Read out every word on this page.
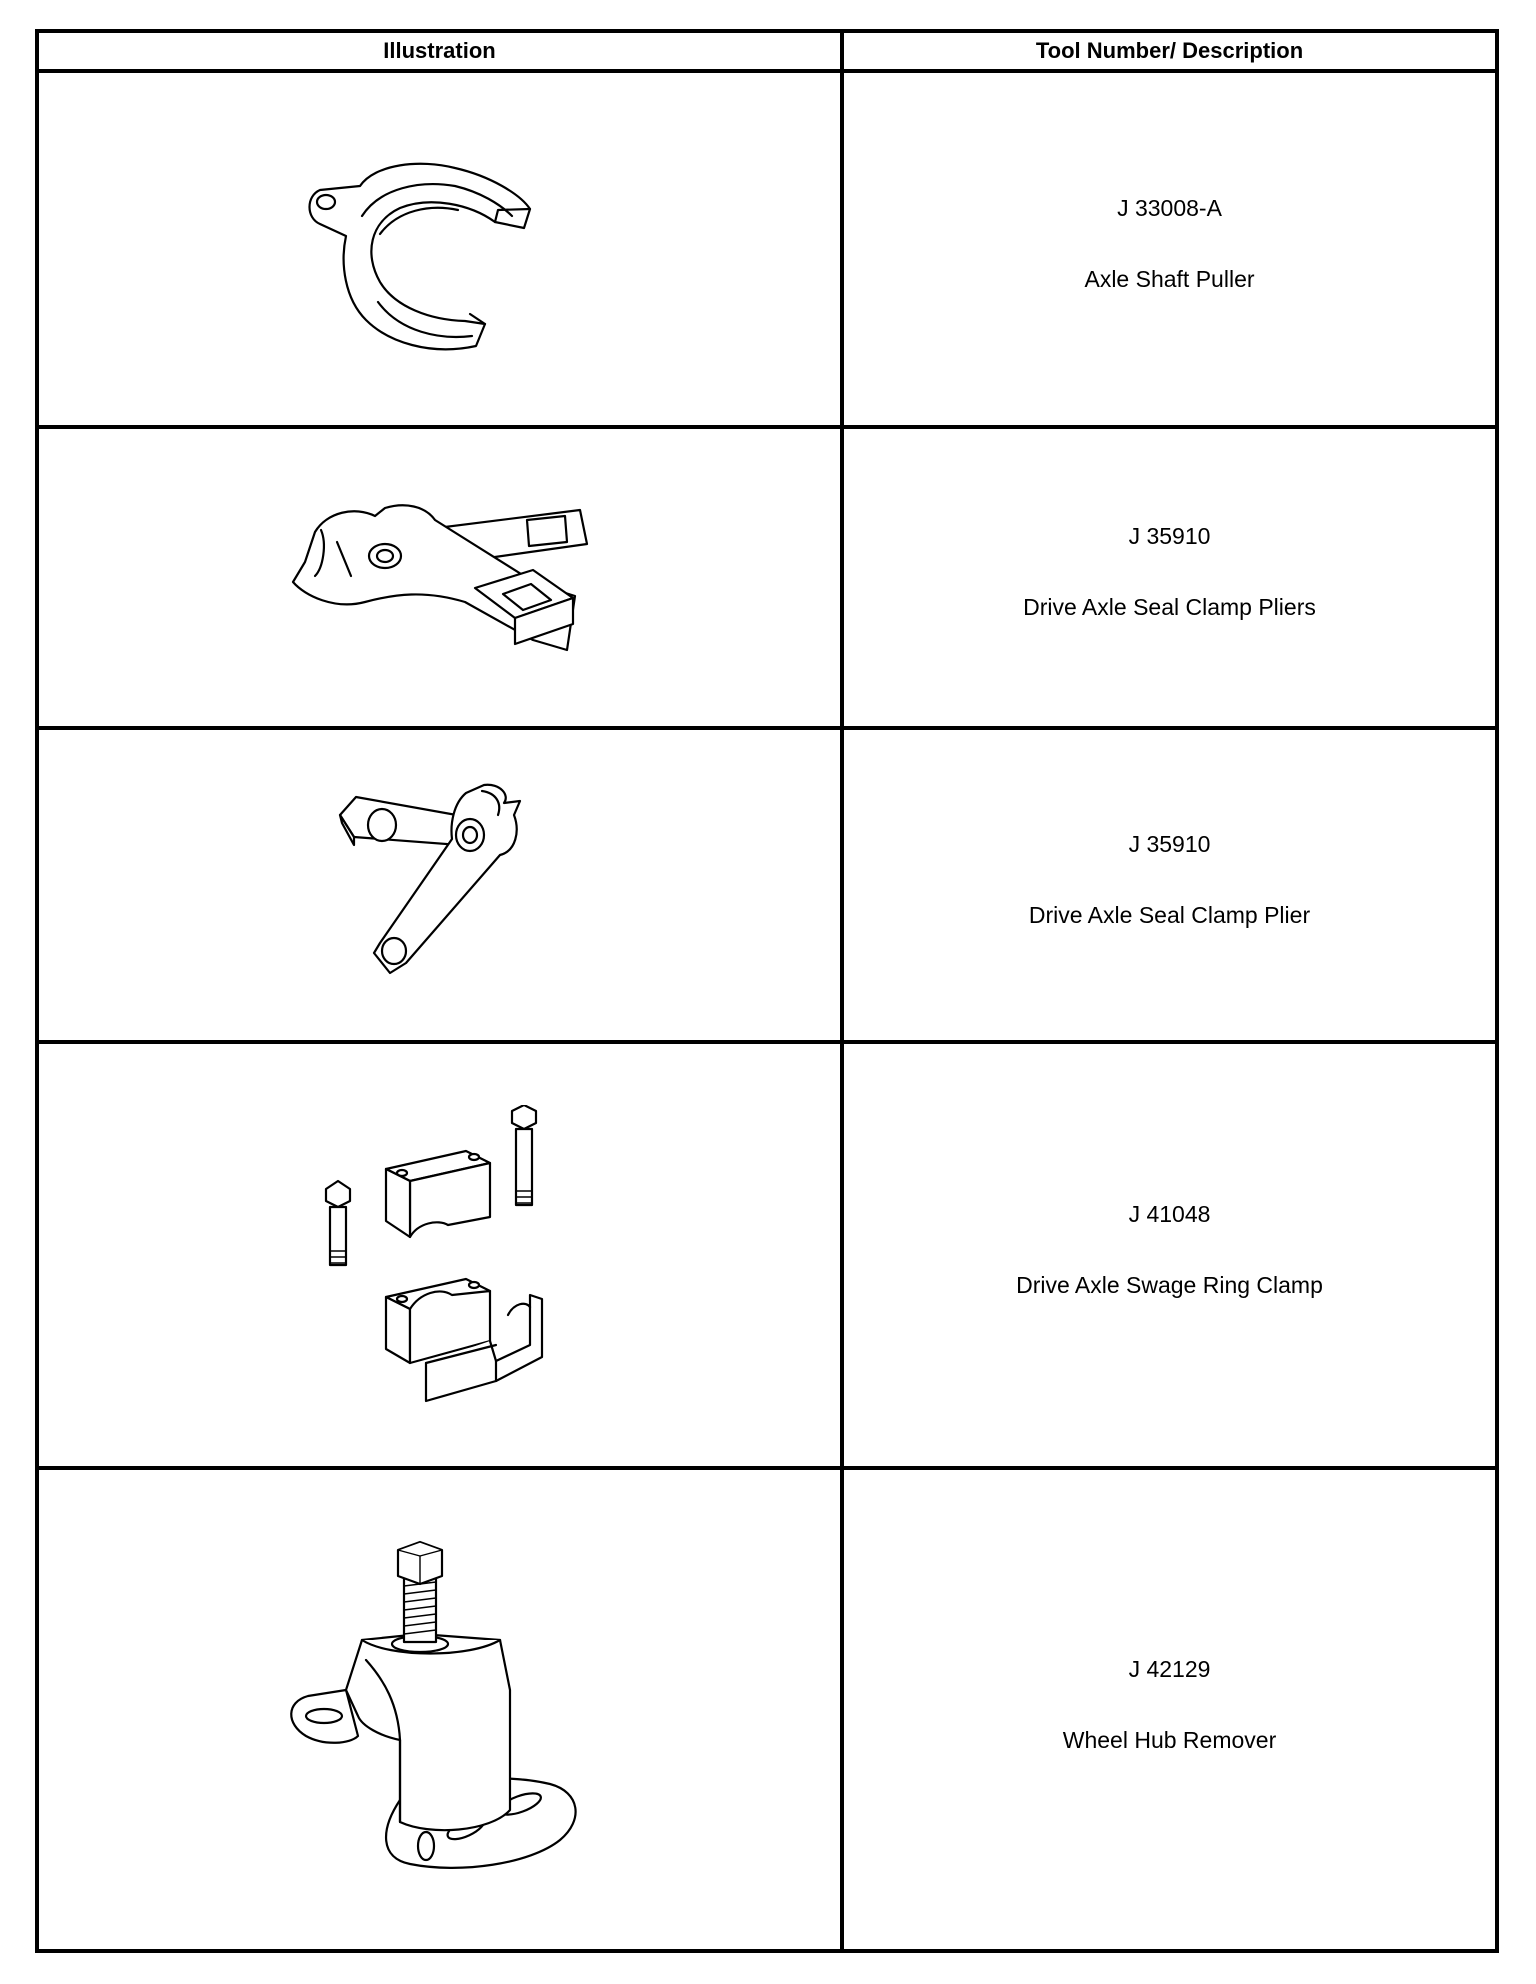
Illustration	Tool Number/ Description

J 33008-A
Axle Shaft Puller

J 35910
Drive Axle Seal Clamp Pliers

J 35910
Drive Axle Seal Clamp Plier

J 41048
Drive Axle Swage Ring Clamp

J 42129
Wheel Hub Remover
